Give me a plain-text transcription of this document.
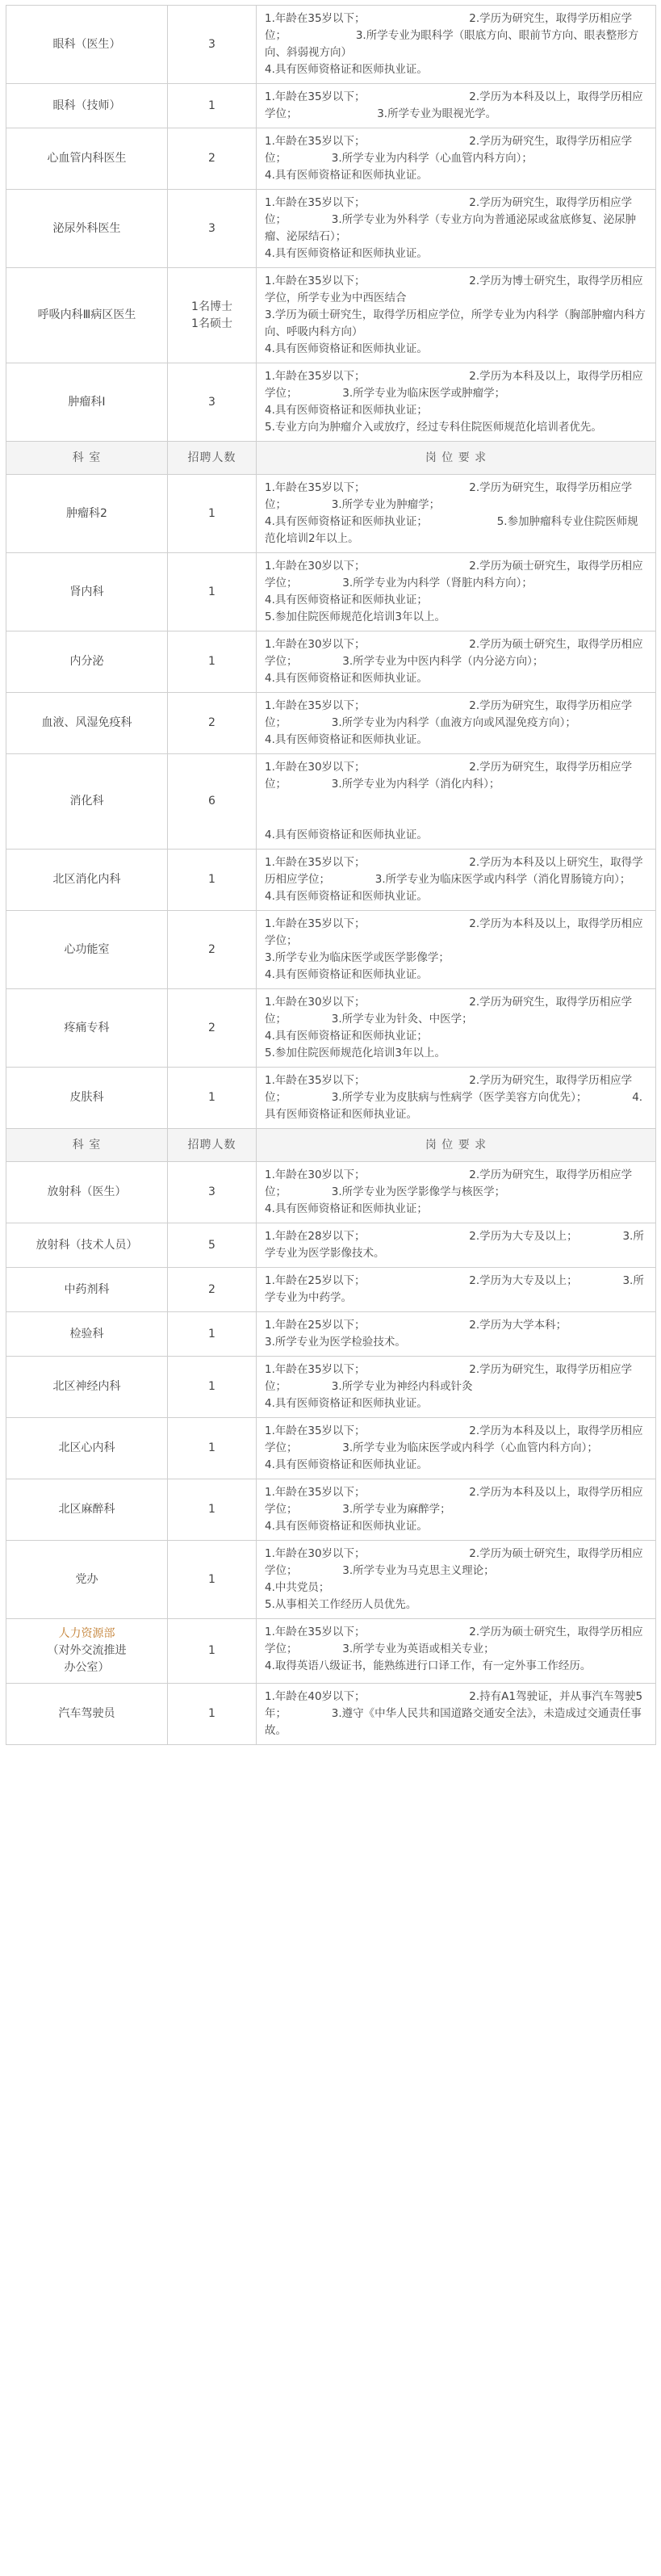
眼科（医生）	3	1.年龄在35岁以下；                              2.学历为研究生，取得学历相应学位；                    3.所学专业为眼科学（眼底方向、眼前节方向、眼表整形方向、斜弱视方向）
4.具有医师资格证和医师执业证。

眼科（技师）	1	1.年龄在35岁以下；                              2.学历为本科及以上，取得学历相应学位；                       3.所学专业为眼视光学。

心血管内科医生	2	1.年龄在35岁以下；                              2.学历为研究生，取得学历相应学位；             3.所学专业为内科学（心血管内科方向）；
4.具有医师资格证和医师执业证。

泌尿外科医生	3	1.年龄在35岁以下；                              2.学历为研究生，取得学历相应学位；             3.所学专业为外科学（专业方向为普通泌尿或盆底修复、泌尿肿瘤、泌尿结石）；
4.具有医师资格证和医师执业证。

呼吸内科Ⅲ病区医生	1名博士
1名硕士	1.年龄在35岁以下；                              2.学历为博士研究生，取得学历相应学位，所学专业为中西医结合
3.学历为硕士研究生，取得学历相应学位，所学专业为内科学（胸部肿瘤内科方向、呼吸内科方向）
4.具有医师资格证和医师执业证。

肿瘤科Ⅰ	3	1.年龄在35岁以下；                              2.学历为本科及以上，取得学历相应学位；             3.所学专业为临床医学或肿瘤学；
4.具有医师资格证和医师执业证；
5.专业方向为肿瘤介入或放疗，经过专科住院医师规范化培训者优先。

科 室	招聘人数	岗 位 要 求
肿瘤科2	1	1.年龄在35岁以下；                              2.学历为研究生，取得学历相应学位；             3.所学专业为肿瘤学；
4.具有医师资格证和医师执业证；                    5.参加肿瘤科专业住院医师规范化培训2年以上。

肾内科	1	1.年龄在30岁以下；                              2.学历为硕士研究生，取得学历相应学位；             3.所学专业为内科学（肾脏内科方向）；
4.具有医师资格证和医师执业证；
5.参加住院医师规范化培训3年以上。

内分泌	1	1.年龄在30岁以下；                              2.学历为硕士研究生，取得学历相应学位；             3.所学专业为中医内科学（内分泌方向）；
4.具有医师资格证和医师执业证。

血液、风湿免疫科	2	1.年龄在35岁以下；                              2.学历为研究生，取得学历相应学位；             3.所学专业为内科学（血液方向或风湿免疫方向）；
4.具有医师资格证和医师执业证。

消化科	6	1.年龄在30岁以下；                              2.学历为研究生，取得学历相应学位；             3.所学专业为内科学（消化内科）；

4.具有医师资格证和医师执业证。

北区消化内科	1	1.年龄在35岁以下；                              2.学历为本科及以上研究生，取得学历相应学位；             3.所学专业为临床医学或内科学（消化胃肠镜方向）；
4.具有医师资格证和医师执业证。

心功能室	2	1.年龄在35岁以下；                              2.学历为本科及以上，取得学历相应学位；
3.所学专业为临床医学或医学影像学；
4.具有医师资格证和医师执业证。

疼痛专科	2	1.年龄在30岁以下；                              2.学历为研究生，取得学历相应学位；             3.所学专业为针灸、中医学；
4.具有医师资格证和医师执业证；
5.参加住院医师规范化培训3年以上。

皮肤科	1	1.年龄在35岁以下；                              2.学历为研究生，取得学历相应学位；             3.所学专业为皮肤病与性病学（医学美容方向优先）；             4.具有医师资格证和医师执业证。

科 室	招聘人数	岗 位 要 求
放射科（医生）	3	1.年龄在30岁以下；                              2.学历为研究生，取得学历相应学位；             3.所学专业为医学影像学与核医学；
4.具有医师资格证和医师执业证；

放射科（技术人员）	5	1.年龄在28岁以下；                              2.学历为大专及以上；             3.所学专业为医学影像技术。

中药剂科	2	1.年龄在25岁以下；                              2.学历为大专及以上；             3.所学专业为中药学。

检验科	1	1.年龄在25岁以下；                              2.学历为大学本科；
3.所学专业为医学检验技术。

北区神经内科	1	1.年龄在35岁以下；                              2.学历为研究生，取得学历相应学位；             3.所学专业为神经内科或针灸
4.具有医师资格证和医师执业证。

北区心内科	1	1.年龄在35岁以下；                              2.学历为本科及以上，取得学历相应学位；             3.所学专业为临床医学或内科学（心血管内科方向）；             4.具有医师资格证和医师执业证。

北区麻醉科	1	1.年龄在35岁以下；                              2.学历为本科及以上，取得学历相应学位；             3.所学专业为麻醉学；
4.具有医师资格证和医师执业证。

党办	1	1.年龄在30岁以下；                              2.学历为硕士研究生，取得学历相应学位；             3.所学专业为马克思主义理论；
4.中共党员；
5.从事相关工作经历人员优先。

人力资源部
（对外交流推进
办公室）	1	1.年龄在35岁以下；                              2.学历为硕士研究生，取得学历相应学位；             3.所学专业为英语或相关专业；
4.取得英语八级证书，能熟练进行口译工作，有一定外事工作经历。

汽车驾驶员	1	1.年龄在40岁以下；                              2.持有A1驾驶证，并从事汽车驾驶5年；             3.遵守《中华人民共和国道路交通安全法》，未造成过交通责任事故。
